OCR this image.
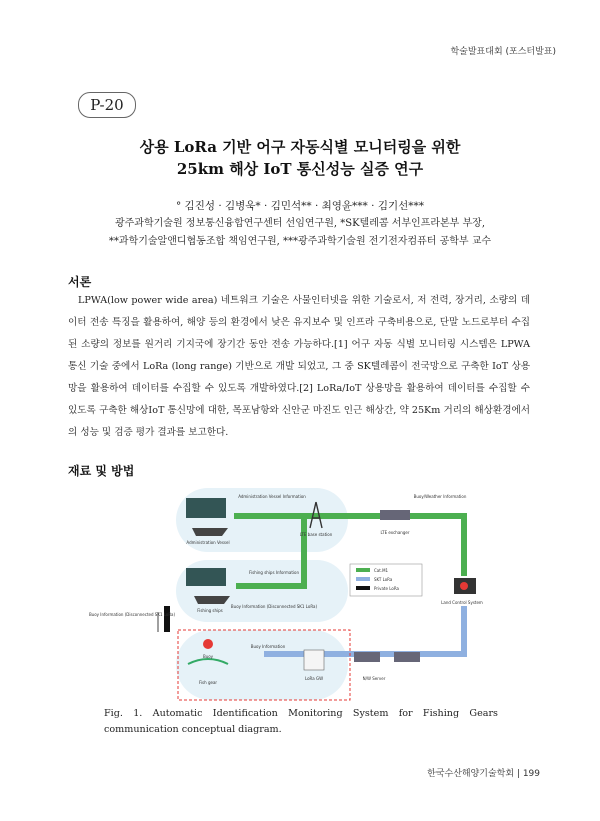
학술발표대회 (포스터발표)
P-20
상용 LoRa 기반 어구 자동식별 모니터링을 위한
25km 해상 IoT 통신성능 실증 연구
° 김진성 · 김병욱* · 김민석** · 최영윤*** · 김기선***
광주과학기술원 정보통신융합연구센터 선임연구원, *SK텔레콤 서부인프라본부 부장,
**과학기술알앤디협동조합 책임연구원, ***광주과학기술원 전기전자컴퓨터 공학부 교수
서론

LPWA(low power wide area) 네트워크 기술은 사물인터넷을 위한 기술로서, 저 전력, 장거리, 소량의 데이터 전송 특징을 활용하여, 해양 등의 환경에서 낮은 유지보수 및 인프라 구축비용으로, 단말 노드로부터 수집된 소량의 정보를 원거리 기지국에 장기간 동안 전송 가능하다.[1] 어구 자동 식별 모니터링 시스템은 LPWA 통신 기술 중에서 LoRa (long range) 기반으로 개발 되었고, 그 중 SK텔레콤이 전국망으로 구축한 IoT 상용망을 활용하여 데이터를 수집할 수 있도록 개발하였다.[2] LoRa/IoT 상용망을 활용하여 데이터를 수집할 수 있도록 구축한 해상IoT 통신망에 대한, 목포남항와 신안군 마진도 인근 해상간, 약 25Km 거리의 해상환경에서의 성능 및 검증 평가 결과를 보고한다.

재료 및 방법
Administration Vessel
Administration Vessel Information
LTE base station	LTE exchanger
Buoy/Weather Information
Fishing ships
Fishing ships Information
Buoy Information (Disconnected SK1 LoRa)
Cat.M1
SKT LoRa
Private LoRa
Land Control System
Buoy Information (Disconnected SK1 LoRa)
Buoy
Fish gear
Buoy Information
LoRa GW	N/W Server
Fig. 1. Automatic Identification Monitoring System for Fishing Gears communication conceptual diagram.
한국수산해양기술학회 | 199
